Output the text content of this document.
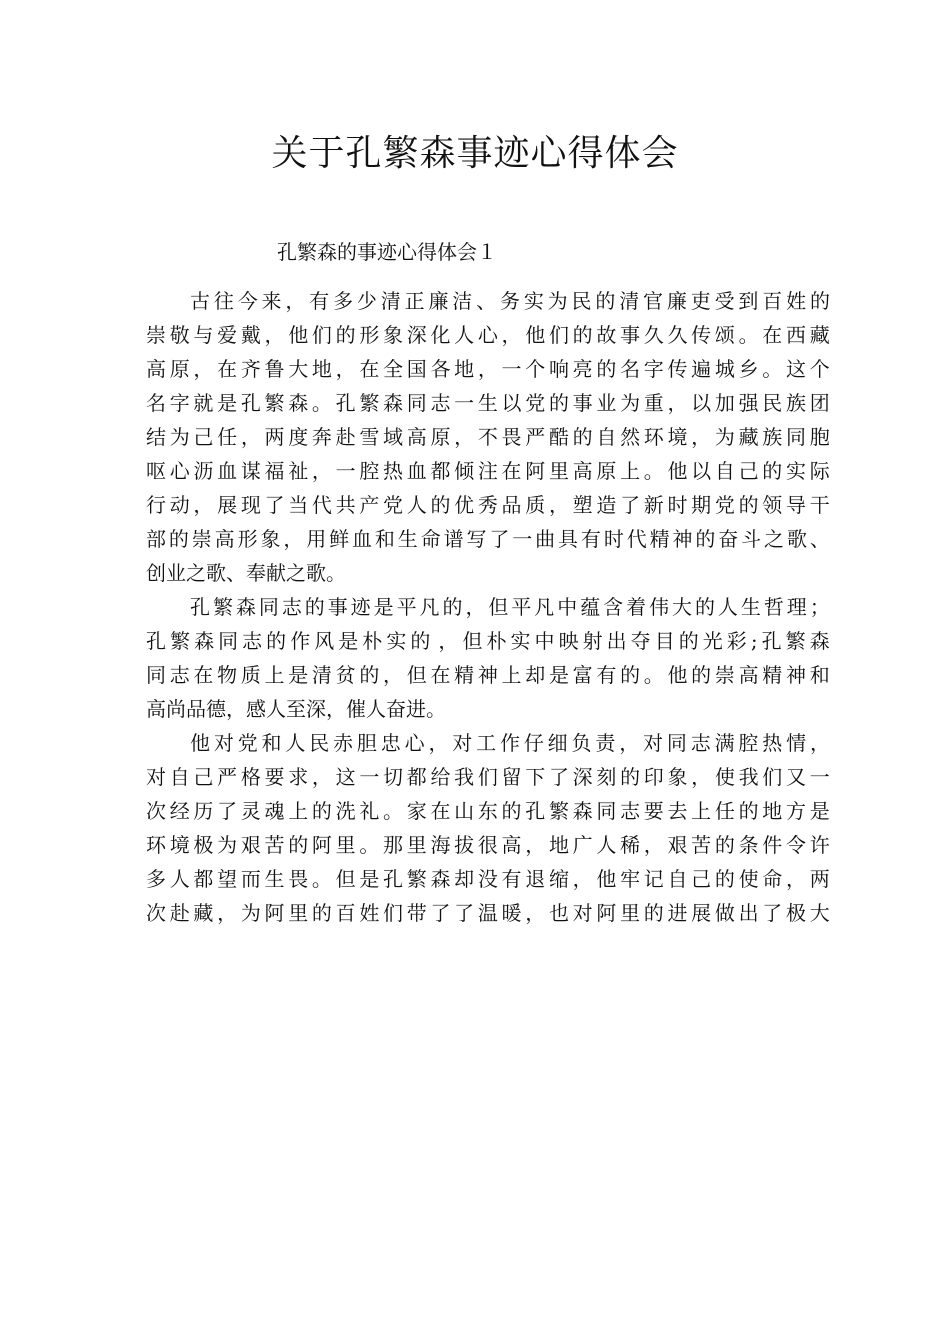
关于孔繁森事迹心得体会

孔繁森的事迹心得体会１

古 往 今 来 ， 有 多 少 清 正 廉 洁 、 务 实 为 民 的 清 官 廉 吏 受 到 百 姓 的
崇 敬 与 爱 戴 ， 他 们 的 形 象 深 化 人 心 ， 他 们 的 故 事 久 久 传 颂 。 在 西 藏
高 原 ， 在 齐 鲁 大 地 ， 在 全 国 各 地 ， 一 个 响 亮 的 名 字 传 遍 城 乡 。 这 个
名 字 就 是 孔 繁 森 。 孔 繁 森 同 志 一 生 以 党 的 事 业 为 重 ， 以 加 强 民 族 团
结 为 己 任 ， 两 度 奔 赴 雪 域 高 原 ， 不 畏 严 酷 的 自 然 环 境 ， 为 藏 族 同 胞
呕 心 沥 血 谋 福 祉 ， 一 腔 热 血 都 倾 注 在 阿 里 高 原 上 。 他 以 自 己 的 实 际
行 动 ， 展 现 了 当 代 共 产 党 人 的 优 秀 品 质 ， 塑 造 了 新 时 期 党 的 领 导 干
部 的 崇 高 形 象 ， 用 鲜 血 和 生 命 谱 写 了 一 曲 具 有 时 代 精 神 的 奋 斗 之 歌 、
创 业 之 歌 、 奉 献 之 歌 。
孔 繁 森 同 志 的 事 迹 是 平 凡 的 ， 但 平 凡 中 蕴 含 着 伟 大 的 人 生 哲 理 ；
孔 繁 森 同 志 的 作 风 是 朴 实 的 ， 但 朴 实 中 映 射 出 夺 目 的 光 彩 ; 孔 繁 森
同 志 在 物 质 上 是 清 贫 的 ， 但 在 精 神 上 却 是 富 有 的 。 他 的 崇 高 精 神 和
高 尚 品 德 ， 感 人 至 深 ， 催 人 奋 进 。
他 对 党 和 人 民 赤 胆 忠 心 ， 对 工 作 仔 细 负 责 ， 对 同 志 满 腔 热 情 ，
对 自 己 严 格 要 求 ， 这 一 切 都 给 我 们 留 下 了 深 刻 的 印 象 ， 使 我 们 又 一
次 经 历 了 灵 魂 上 的 洗 礼 。 家 在 山 东 的 孔 繁 森 同 志 要 去 上 任 的 地 方 是
环 境 极 为 艰 苦 的 阿 里 。 那 里 海 拔 很 高 ， 地 广 人 稀 ， 艰 苦 的 条 件 令 许
多 人 都 望 而 生 畏 。 但 是 孔 繁 森 却 没 有 退 缩 ， 他 牢 记 自 己 的 使 命 ， 两
次 赴 藏 ， 为 阿 里 的 百 姓 们 带 了 了 温 暖 ， 也 对 阿 里 的 进 展 做 出 了 极 大
